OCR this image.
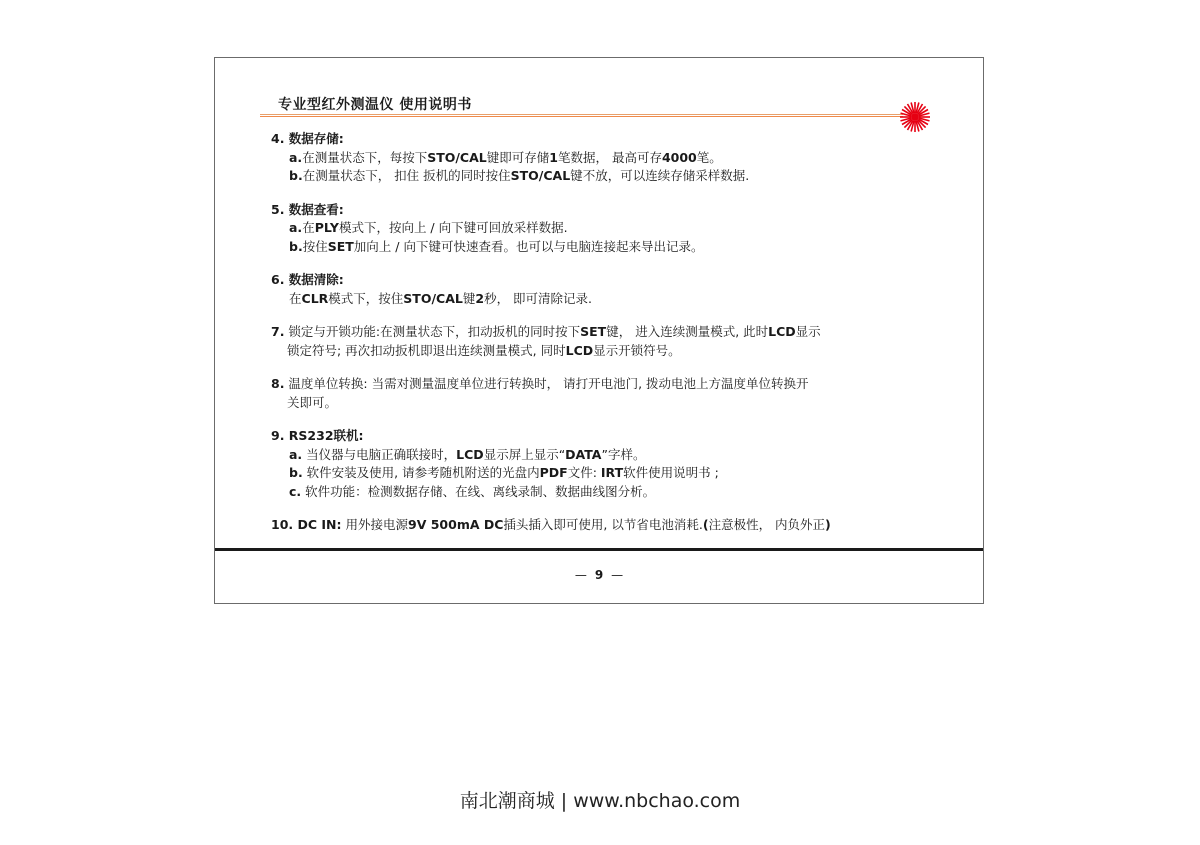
专业型红外测温仪 使用说明书
4. 数据存储:
a.在测量状态下，每按下STO/CAL键即可存储1笔数据， 最高可存4000笔。
b.在测量状态下， 扣住 扳机的同时按住STO/CAL键不放，可以连续存储采样数据.
5. 数据查看:
a.在PLY模式下，按向上 / 向下键可回放采样数据.
b.按住SET加向上 / 向下键可快速查看。也可以与电脑连接起来导出记录。
6. 数据清除:
在CLR模式下，按住STO/CAL键2秒， 即可清除记录.
7. 锁定与开锁功能:在测量状态下，扣动扳机的同时按下SET键， 进入连续测量模式, 此时LCD显示
锁定符号; 再次扣动扳机即退出连续测量模式, 同时LCD显示开锁符号。
8. 温度单位转换: 当需对测量温度单位进行转换时， 请打开电池门, 拨动电池上方温度单位转换开
关即可。
9. RS232联机:
a. 当仪器与电脑正确联接时，LCD显示屏上显示“DATA”字样。
b. 软件安装及使用, 请参考随机附送的光盘内PDF文件: IRT软件使用说明书 ;
c. 软件功能：检测数据存储、在线、离线录制、数据曲线图分析。
10. DC IN: 用外接电源9V 500mA DC插头插入即可使用, 以节省电池消耗.(注意极性， 内负外正)
— 9 —
南北潮商城 | www.nbchao.com
